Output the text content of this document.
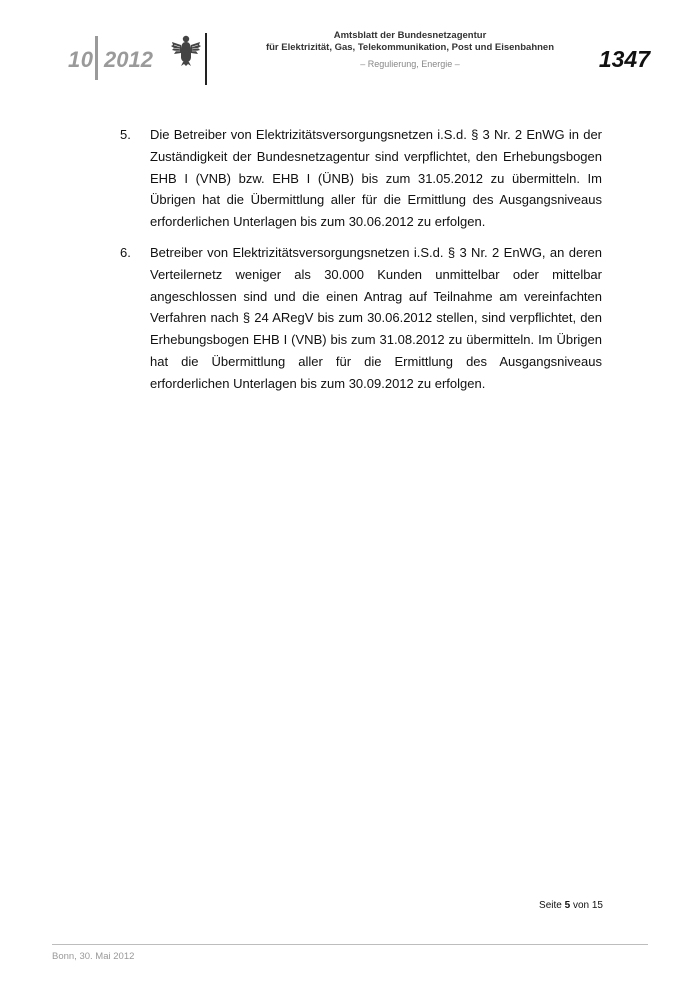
10 2012
Amtsblatt der Bundesnetzagentur
für Elektrizität, Gas, Telekommunikation, Post und Eisenbahnen
– Regulierung, Energie –	1347
5.	Die Betreiber von Elektrizitätsversorgungsnetzen i.S.d. § 3 Nr. 2 EnWG in der Zuständigkeit der Bundesnetzagentur sind verpflichtet, den Erhebungsbogen EHB I (VNB) bzw. EHB I (ÜNB) bis zum 31.05.2012 zu übermitteln. Im Übrigen hat die Übermittlung aller für die Ermittlung des Ausgangsniveaus erforderlichen Unterlagen bis zum 30.06.2012 zu erfolgen.
6.	Betreiber von Elektrizitätsversorgungsnetzen i.S.d. § 3 Nr. 2 EnWG, an deren Verteilernetz weniger als 30.000 Kunden unmittelbar oder mittelbar angeschlossen sind und die einen Antrag auf Teilnahme am vereinfachten Verfahren nach § 24 ARegV bis zum 30.06.2012 stellen, sind verpflichtet, den Erhebungsbogen EHB I (VNB) bis zum 31.08.2012 zu übermitteln. Im Übrigen hat die Übermittlung aller für die Ermittlung des Ausgangsniveaus erforderlichen Unterlagen bis zum 30.09.2012 zu erfolgen.
Seite 5 von 15
Bonn, 30. Mai 2012
